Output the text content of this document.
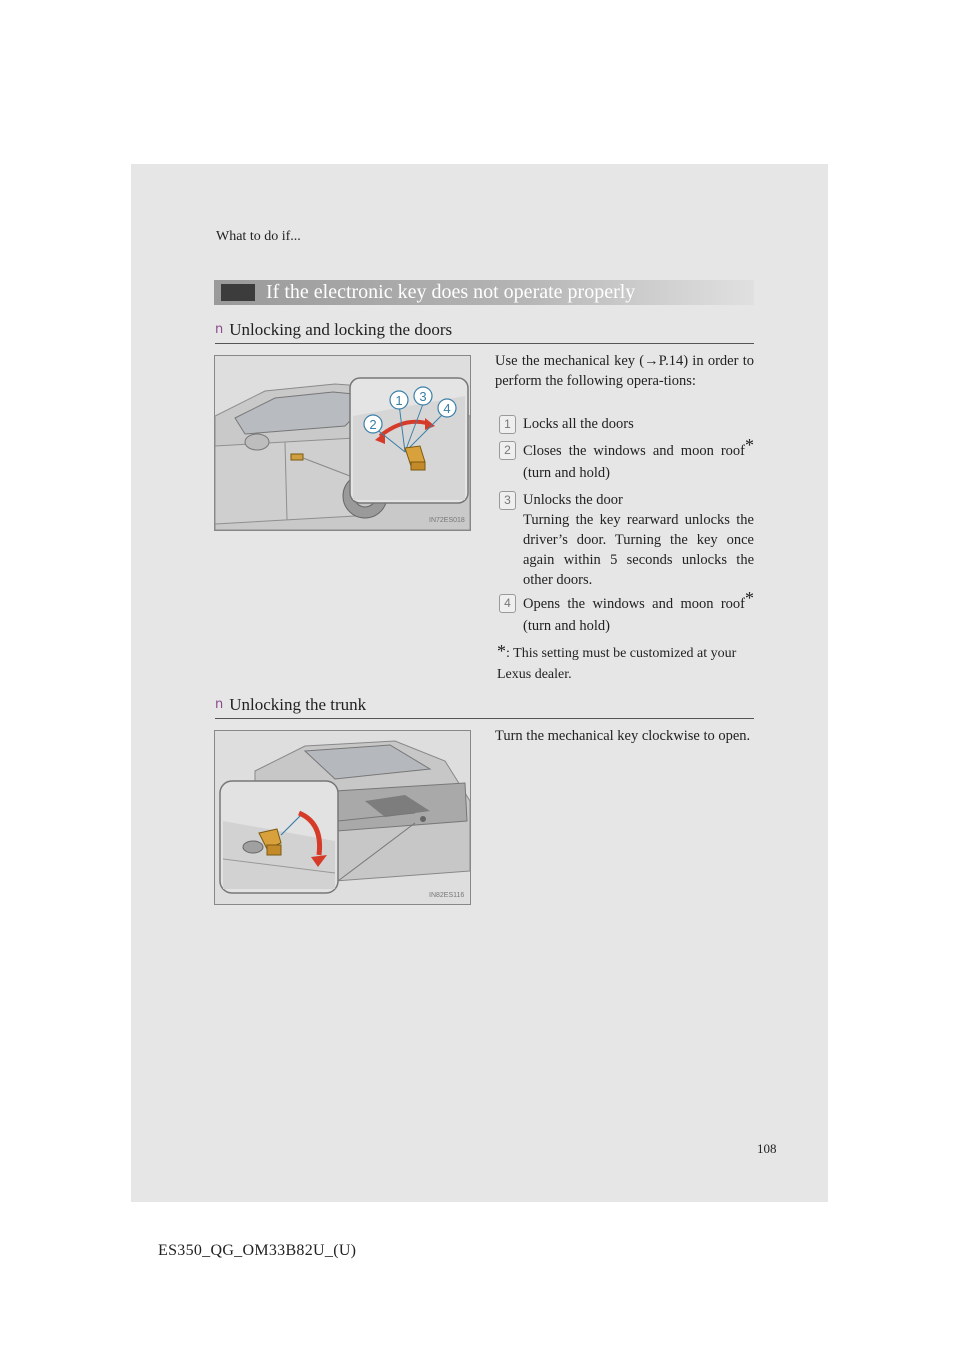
What to do if...
If the electronic key does not operate properly
n Unlocking and locking the doors
1
2
3
4
IN72ES018
Use the mechanical key (→P.14) in order to perform the following opera-tions:
1 Locks all the doors
2 Closes the windows and moon roof* (turn and hold)
3 Unlocks the door
Turning the key rearward unlocks the driver’s door. Turning the key once again within 5 seconds unlocks the other doors.
4 Opens the windows and moon roof* (turn and hold)
*: This setting must be customized at your Lexus dealer.
n Unlocking the trunk
IN82ES116
Turn the mechanical key clockwise to open.
108
ES350_QG_OM33B82U_(U)
